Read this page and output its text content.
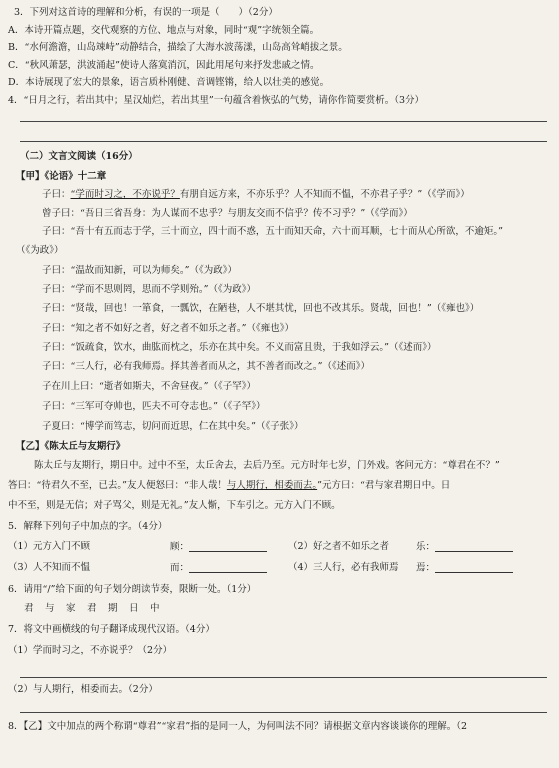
3．下列对这首诗的理解和分析，有误的一项是（　　）（2分）
A．本诗开篇点题，交代观察的方位、地点与对象，同时“观”字统领全篇。
B．“水何澹澹，山岛竦峙”动静结合，描绘了大海水波荡漾，山岛高耸峭拔之景。
C．“秋风萧瑟，洪波涌起”使诗人落寞消沉，因此用尾句来抒发悲戚之情。
D．本诗展现了宏大的景象，语言质朴刚健、音调铿锵，给人以壮美的感觉。
4．“日月之行，若出其中；星汉灿烂，若出其里”一句蕴含着恢弘的气势，请你作简要赏析。（3分）
（二）文言文阅读（16分）
【甲】《论语》十二章
子曰：“学而时习之，不亦说乎？有朋自远方来，不亦乐乎？人不知而不愠，不亦君子乎？”（《学而》）
曾子曰：“吾日三省吾身：为人谋而不忠乎？与朋友交而不信乎？传不习乎？”（《学而》）
子曰：“吾十有五而志于学，三十而立，四十而不惑，五十而知天命，六十而耳顺，七十而从心所欲，不逾矩。”
（《为政》）
子曰：“温故而知新，可以为师矣。”（《为政》）
子曰：“学而不思则罔，思而不学则殆。”（《为政》）
子曰：“贤哉，回也！一箪食，一瓢饮，在陋巷，人不堪其忧，回也不改其乐。贤哉，回也！”（《雍也》）
子曰：“知之者不如好之者，好之者不如乐之者。”（《雍也》）
子曰：“饭疏食，饮水，曲肱而枕之，乐亦在其中矣。不义而富且贵，于我如浮云。”（《述而》）
子曰：“三人行，必有我师焉。择其善者而从之，其不善者而改之。”（《述而》）
子在川上曰：“逝者如斯夫，不舍昼夜。”（《子罕》）
子曰：“三军可夺帅也，匹夫不可夺志也。”（《子罕》）
子夏曰：“博学而笃志，切问而近思，仁在其中矣。”（《子张》）
【乙】《陈太丘与友期行》
陈太丘与友期行，期日中。过中不至，太丘舍去，去后乃至。元方时年七岁，门外戏。客问元方：“尊君在不？”
答曰：“待君久不至，已去。”友人便怒曰：“非人哉！与人期行，相委而去。”元方曰：“君与家君期日中。日
中不至，则是无信；对子骂父，则是无礼。”友人惭，下车引之。元方入门不顾。
5．解释下列句子中加点的字。（4分）
（1）元方入门不顾	顾：	（2）好之者不如乐之者	乐：
（3）人不知而不愠	而：	（4）三人行，必有我师焉 焉：
6．请用“/”给下面的句子划分朗读节奏，限断一处。（1分）
君　与　家　君　期　日　中
7．将文中画横线的句子翻译成现代汉语。（4分）
（1）学而时习之，不亦说乎？（2分）
（2）与人期行，相委而去。（2分）
8．【乙】文中加点的两个称谓“尊君”“家君”指的是同一人，为何叫法不同？请根据文章内容谈谈你的理解。（2
